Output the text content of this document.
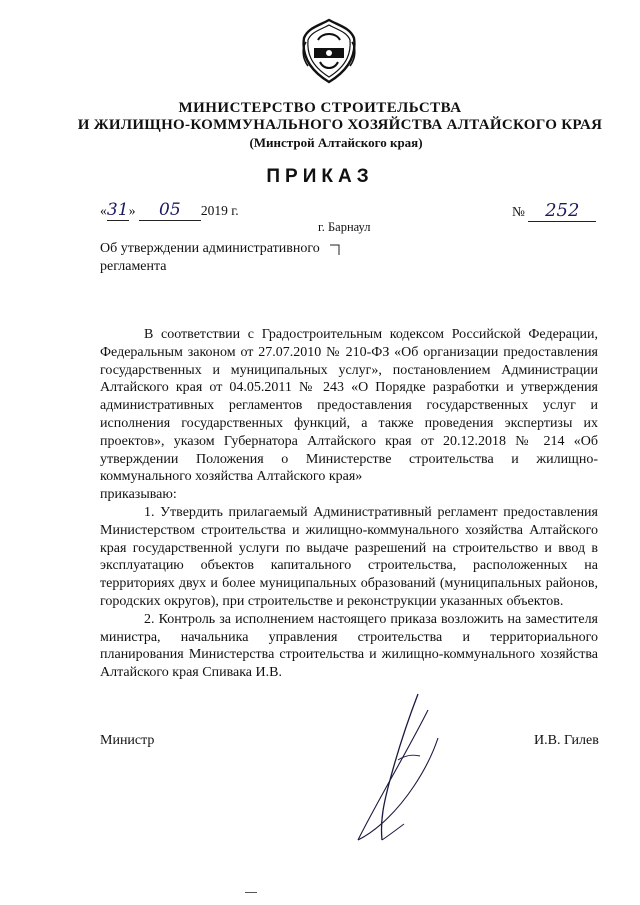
МИНИСТЕРСТВО СТРОИТЕЛЬСТВА
И ЖИЛИЩНО-КОММУНАЛЬНОГО ХОЗЯЙСТВА АЛТАЙСКОГО КРАЯ
(Минстрой Алтайского края)
ПРИКАЗ
«31» 05 2019 г.	№ 252
г. Барнаул
Об утверждении административного
регламента

В соответствии с Градостроительным кодексом Российской Федерации, Федеральным законом от 27.07.2010 № 210-ФЗ «Об организации предоставления государственных и муниципальных услуг», постановлением Администрации Алтайского края от 04.05.2011 № 243 «О Порядке разработки и утверждения административных регламентов предоставления государственных услуг и исполнения государственных функций, а также проведения экспертизы их проектов», указом Губернатора Алтайского края от 20.12.2018 № 214 «Об утверждении Положения о Министерстве строительства и жилищно-коммунального хозяйства Алтайского края»

приказываю:

1. Утвердить прилагаемый Административный регламент предоставления Министерством строительства и жилищно-коммунального хозяйства Алтайского края государственной услуги по выдаче разрешений на строительство и ввод в эксплуатацию объектов капитального строительства, расположенных на территориях двух и более муниципальных образований (муниципальных районов, городских округов), при строительстве и реконструкции указанных объектов.

2. Контроль за исполнением настоящего приказа возложить на заместителя министра, начальника управления строительства и территориального планирования Министерства строительства и жилищно-коммунального хозяйства Алтайского края Спивака И.В.

Министр	И.В. Гилев
